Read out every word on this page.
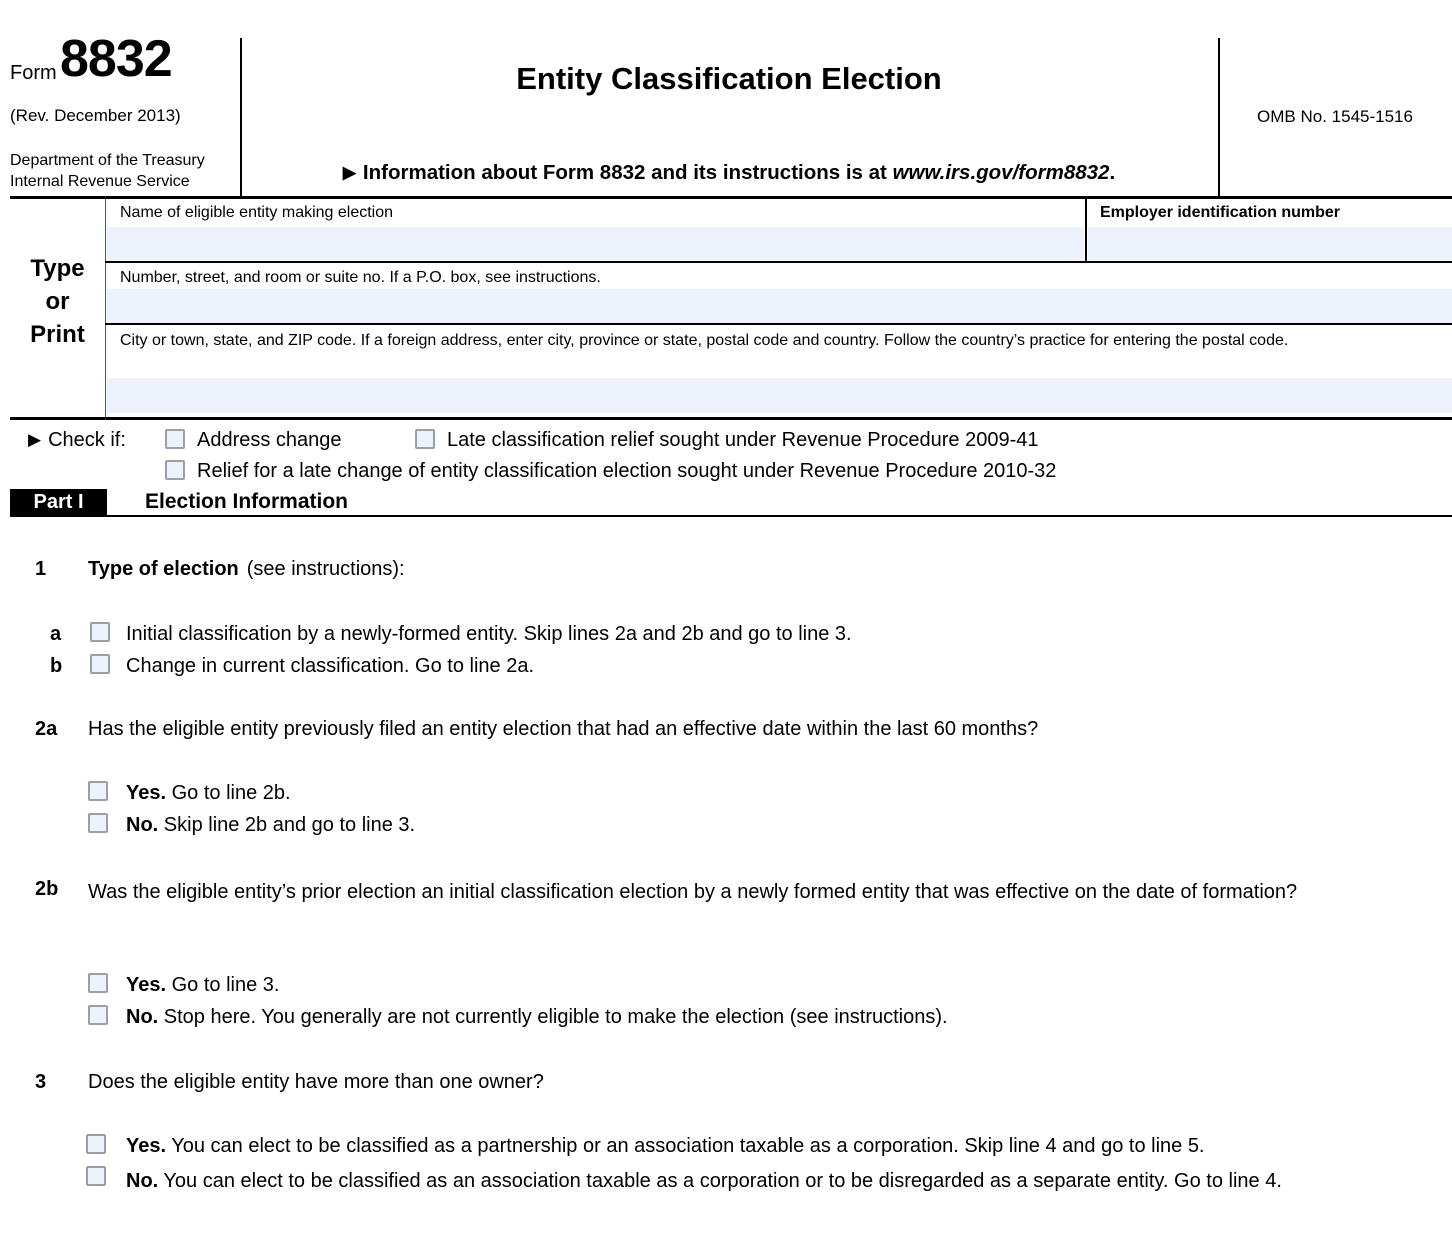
Form 8832
(Rev. December 2013)
Department of the Treasury
Internal Revenue Service
Entity Classification Election
▶ Information about Form 8832 and its instructions is at www.irs.gov/form8832.
OMB No. 1545-1516
Type
or
Print
Name of eligible entity making election	Employer identification number
Number, street, and room or suite no. If a P.O. box, see instructions.
City or town, state, and ZIP code. If a foreign address, enter city, province or state, postal code and country. Follow the country’s practice for entering the postal code.
▶ Check if:	Address change	Late classification relief sought under Revenue Procedure 2009-41
Relief for a late change of entity classification election sought under Revenue Procedure 2010-32
Part I	Election Information
1 Type of election (see instructions):
a	Initial classification by a newly-formed entity. Skip lines 2a and 2b and go to line 3.
b	Change in current classification. Go to line 2a.
2a Has the eligible entity previously filed an entity election that had an effective date within the last 60 months?
Yes. Go to line 2b.
No. Skip line 2b and go to line 3.
2b Was the eligible entity’s prior election an initial classification election by a newly formed entity that was effective on the date of formation?
Yes. Go to line 3.
No. Stop here. You generally are not currently eligible to make the election (see instructions).
3 Does the eligible entity have more than one owner?
Yes. You can elect to be classified as a partnership or an association taxable as a corporation. Skip line 4 and go to line 5.
No. You can elect to be classified as an association taxable as a corporation or to be disregarded as a separate entity. Go to line 4.
